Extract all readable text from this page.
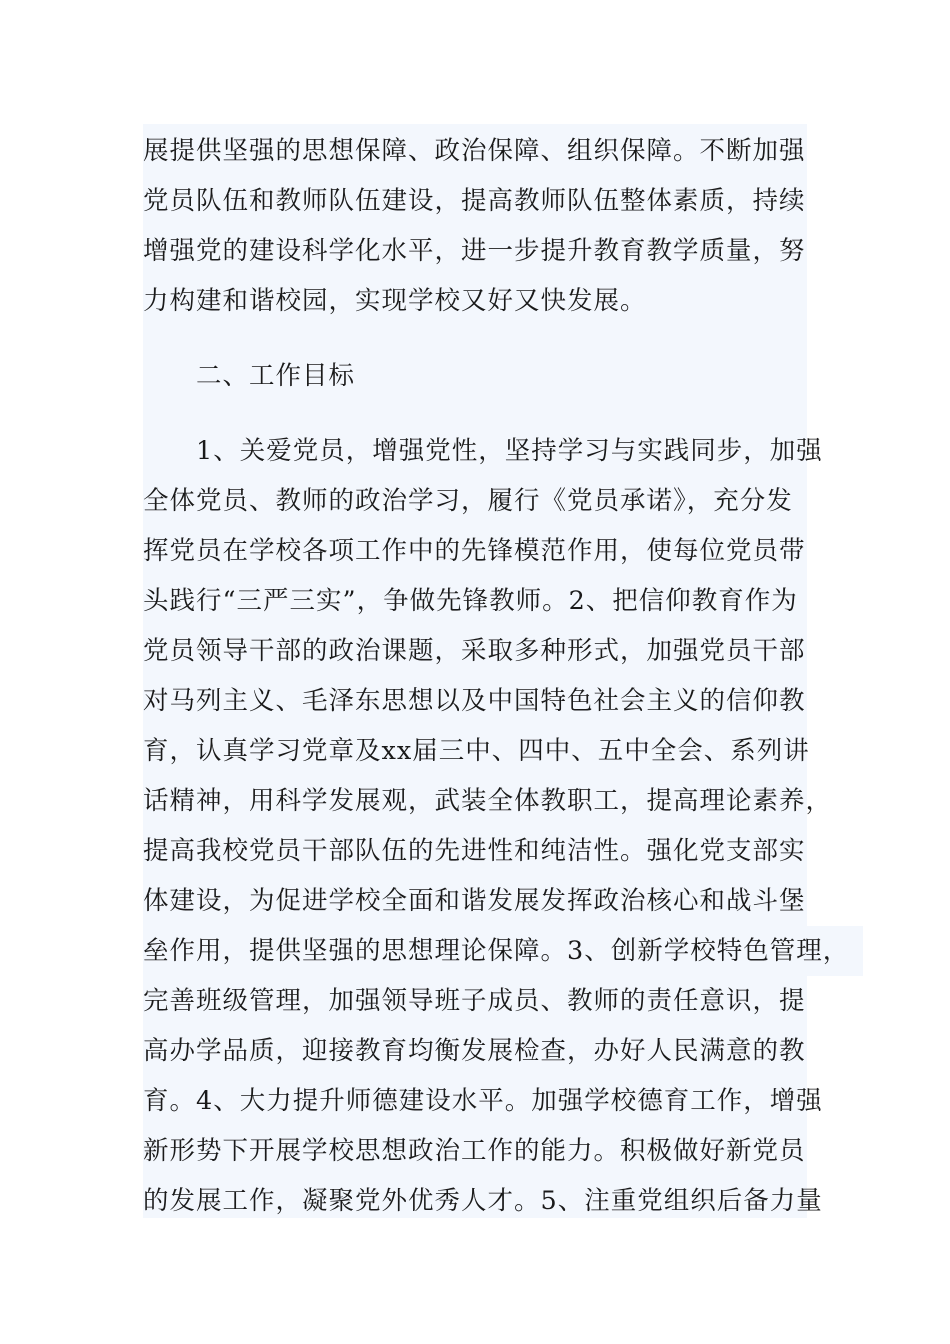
展提供坚强的思想保障、政治保障、组织保障。不断加强
党员队伍和教师队伍建设，提高教师队伍整体素质，持续
增强党的建设科学化水平，进一步提升教育教学质量，努
力构建和谐校园，实现学校又好又快发展。
二、工作目标
1、关爱党员，增强党性，坚持学习与实践同步，加强
全体党员、教师的政治学习，履行《党员承诺》，充分发
挥党员在学校各项工作中的先锋模范作用，使每位党员带
头践行“三严三实”，争做先锋教师。2、把信仰教育作为
党员领导干部的政治课题，采取多种形式，加强党员干部
对马列主义、毛泽东思想以及中国特色社会主义的信仰教
育，认真学习党章及xx届三中、四中、五中全会、系列讲
话精神，用科学发展观，武装全体教职工，提高理论素养，
提高我校党员干部队伍的先进性和纯洁性。强化党支部实
体建设，为促进学校全面和谐发展发挥政治核心和战斗堡
垒作用，提供坚强的思想理论保障。3、创新学校特色管理，
完善班级管理，加强领导班子成员、教师的责任意识，提
高办学品质，迎接教育均衡发展检查，办好人民满意的教
育。4、大力提升师德建设水平。加强学校德育工作，增强
新形势下开展学校思想政治工作的能力。积极做好新党员
的发展工作，凝聚党外优秀人才。5、注重党组织后备力量
